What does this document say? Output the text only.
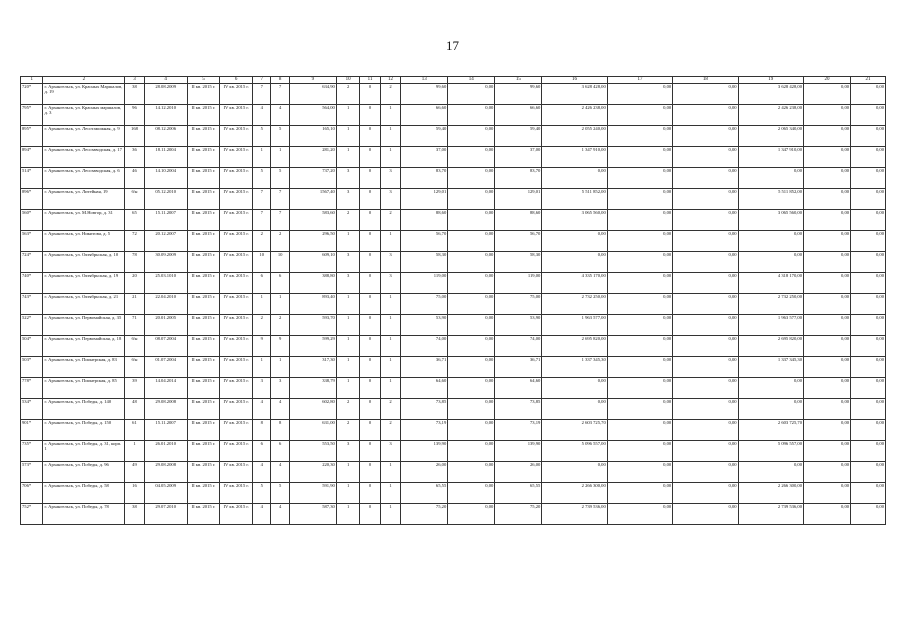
17
1	2	3	4	5	6	7	8	9	10	11	12	13	14	15	16	17	18	19	20	21
720*	г. Архангельск, ул. Красных Маршалов, д. 19	38	28.08.2009	II кв. 2015 г.	IV кв. 2015 г.	7	7	634,90	2	0	2	99,60	0,00	99,60	3 628 428,00	0,00	0,00	3 628 428,00	0,00	0,00
795*	г. Архангельск, ул. Красных маршалов, д. 3	96	14.12.2010	II кв. 2015 г.	IV кв. 2015 г.	4	4	564,00	1	0	1	66,60	0,00	66,60	2 426 238,00	0,00	0,00	2 426 238,00	0,00	0,00
895*	г. Архангельск, ул. Лесотаможная, д. 9	168	08.12.2006	II кв. 2015 г.	IV кв. 2015 г.	5	5	165,10	1	0	1	59,40	0,00	59,40	2 055 240,00	0,00	0,00	2 065 340,00	0,00	0,00
894*	г. Архангельск, ул. Лесозаводская, д. 17	36	18.11.2004	II кв. 2015 г.	IV кв. 2015 г.	1	1	281,20	1	0	1	37,00	0,00	37,00	1 347 910,00	0,00	0,00	1 347 910,00	0,00	0,00
514*	г. Архангельск, ул. Лесозаводская, д. 6	46	14.10.2004	II кв. 2015 г.	IV кв. 2015 г.	5	5	737,20	3	0	3	83,70	0,00	83,70	0,00	0,00	0,00	0,00	0,00	0,00
896*	г. Архангельск, ул. Литейная, 19	б/н	05.12.2010	II кв. 2015 г.	IV кв. 2015 г.	7	7	1567,40	3	0	3	129,01	0,00	129,01	5 511 852,00	0,00	0,00	5 511 852,00	0,00	0,00
560*	г. Архангельск, ул. М.Новгор, д. 31	65	15.11.2007	II кв. 2015 г.	IV кв. 2015 г.	7	7	583,60	2	0	2	88,60	0,00	88,60	3 065 560,00	0,00	0,00	3 065 560,00	0,00	0,00
563*	г. Архангельск, ул. Никитова, д. 5	72	20.12.2007	II кв. 2015 г.	IV кв. 2015 г.	2	2	296,50	1	0	1	56,70	0,00	56,70	0,00	0,00	0,00	0,00	0,00	0,00
724*	г. Архангельск, ул. Октябрьская, д. 10	78	30.09.2009	II кв. 2015 г.	IV кв. 2015 г.	10	10	609,10	3	0	3	58,30	0,00	58,30	0,00	0,00	0,00	0,00	0,00	0,00
740*	г. Архангельск, ул. Октябрьская, д. 19	20	25.03.1010	II кв. 2015 г.	IV кв. 2015 г.	6	6	388,80	3	0	3	119,00	0,00	119,00	4 335 170,00	0,00	0,00	4 318 170,00	0,00	0,00
743*	г. Архангельск, ул. Октябрьская, д. 21	21	22.04.2010	II кв. 2015 г.	IV кв. 2015 г.	1	1	893,40	1	0	1	75,00	0,00	75,00	2 732 250,00	0,00	0,00	2 732 250,00	0,00	0,00
522*	г. Архангельск, ул. Первомайская, д. 35	71	20.01.2005	II кв. 2015 г.	IV кв. 2015 г.	2	2	593,70	1	0	1	53,90	0,00	53,90	1 963 577,00	0,00	0,00	1 963 577,00	0,00	0,00
504*	г. Архангельск, ул. Первомайская, д. 18	б/н	08.07.2004	II кв. 2015 г.	IV кв. 2015 г.	9	9	599,29	1	0	1	74,00	0,00	74,00	2 695 820,00	0,00	0,00	2 695 820,00	0,00	0,00
503*	г. Архангельск, ул. Пионерская, д. 83	б/н	01.07.2004	II кв. 2015 г.	IV кв. 2015 г.	1	1	317,30	1	0	1	36,71	0,00	36,71	1 337 345,30	0,00	0,00	1 337 345,30	0,00	0,00
778*	г. Архангельск, ул. Пионерская, д. 85	39	14.04.2014	II кв. 2015 г.	IV кв. 2015 г.	3	3	338,79	1	0	1	64,60	0,00	64,60	0,00	0,00	0,00	0,00	0,00	0,00
534*	г. Архангельск, ул. Победы, д. 140	48	29.08.2008	II кв. 2015 г.	IV кв. 2015 г.	4	4	602,80	2	0	2	73,85	0,00	73,85	0,00	0,00	0,00	0,00	0,00	0,00
901*	г. Архангельск, ул. Победы, д. 150	61	15.11.2007	II кв. 2015 г.	IV кв. 2015 г.	8	8	631,00	2	0	2	73,19	0,00	73,19	2 603 725,70	0,00	0,00	2 603 725,70	0,00	0,00
735*	г. Архангельск, ул. Победы, д. 31, корп. 1	1	26.01.2010	II кв. 2015 г.	IV кв. 2015 г.	6	6	553,50	3	0	3	139,90	0,00	139,90	5 096 557,00	0,00	0,00	5 096 557,00	0,00	0,00
573*	г. Архангельск, ул. Победы, д. 96	49	29.08.2008	II кв. 2015 г.	IV кв. 2015 г.	4	4	220,30	1	0	1	26,00	0,00	26,00	0,00	0,00	0,00	0,00	0,00	0,00
706*	г. Архангельск, ул. Победы, д. 58	16	04.05.2009	II кв. 2015 г.	IV кв. 2015 г.	5	5	591,90	1	0	1	65,55	0,00	65,55	2 266 300,00	0,00	0,00	2 266 300,00	0,00	0,00
752*	г. Архангельск, ул. Победы, д. 78	38	29.07.2010	II кв. 2015 г.	IV кв. 2015 г.	4	4	587,30	1	0	1	75,20	0,00	75,20	2 739 536,00	0,00	0,00	2 739 536,00	0,00	0,00
